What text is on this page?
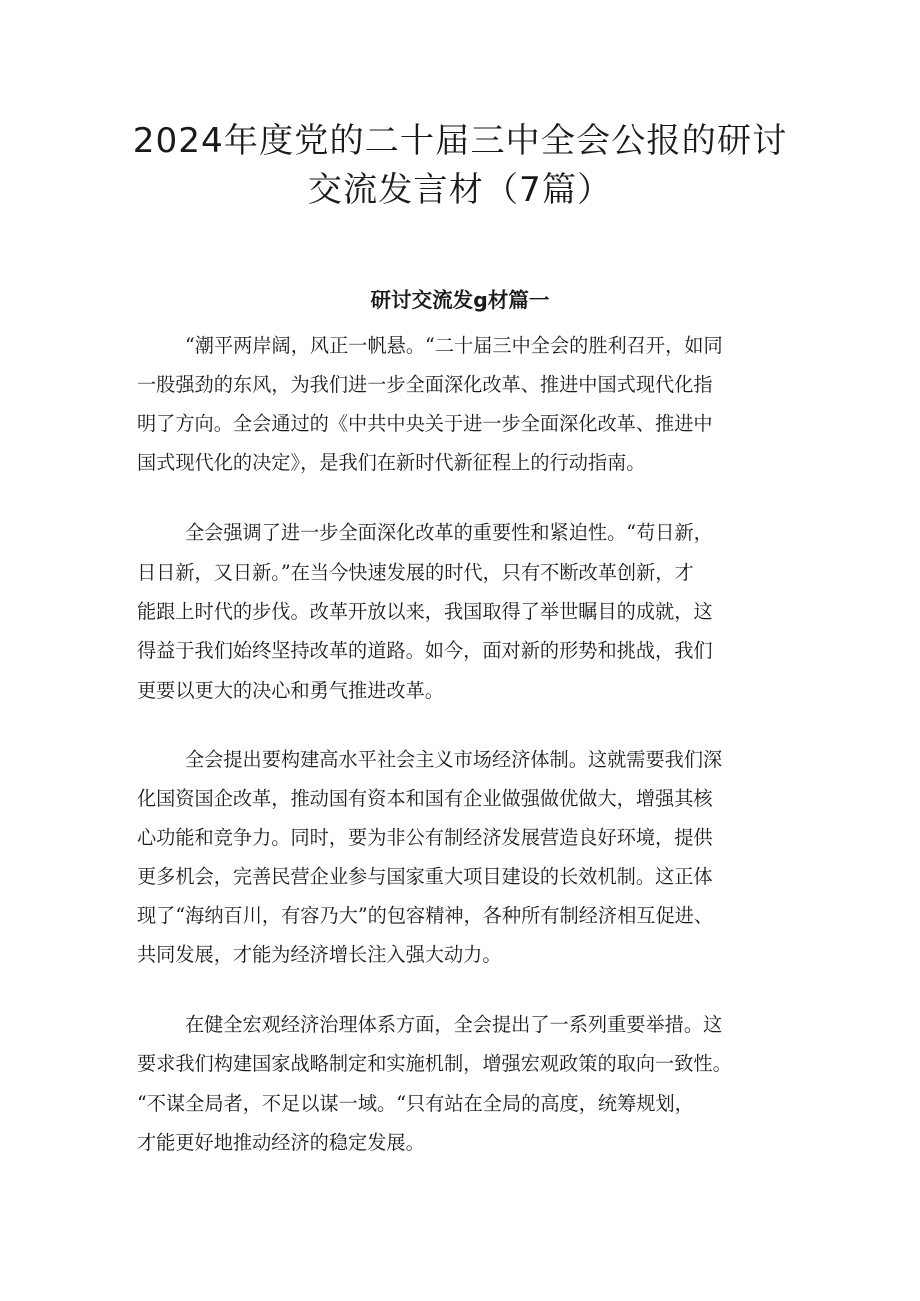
2024年度党的二十届三中全会公报的研讨
交流发言材（7篇）
研讨交流发g材篇一

“潮平两岸阔，风正一帆悬。“二十届三中全会的胜利召开，如同

一股强劲的东风，为我们进一步全面深化改革、推进中国式现代化指

明了方向。全会通过的《中共中央关于进一步全面深化改革、推进中

国式现代化的决定》，是我们在新时代新征程上的行动指南。

全会强调了进一步全面深化改革的重要性和紧迫性。“苟日新，

日日新，又日新。”在当今快速发展的时代，只有不断改革创新，才

能跟上时代的步伐。改革开放以来，我国取得了举世瞩目的成就，这

得益于我们始终坚持改革的道路。如今，面对新的形势和挑战，我们

更要以更大的决心和勇气推进改革。

全会提出要构建高水平社会主义市场经济体制。这就需要我们深

化国资国企改革，推动国有资本和国有企业做强做优做大，增强其核

心功能和竞争力。同时，要为非公有制经济发展营造良好环境，提供

更多机会，完善民营企业参与国家重大项目建设的长效机制。这正体

现了“海纳百川，有容乃大”的包容精神，各种所有制经济相互促进、

共同发展，才能为经济增长注入强大动力。

在健全宏观经济治理体系方面，全会提出了一系列重要举措。这

要求我们构建国家战略制定和实施机制，增强宏观政策的取向一致性。

“不谋全局者，不足以谋一域。“只有站在全局的高度，统筹规划，

才能更好地推动经济的稳定发展。
